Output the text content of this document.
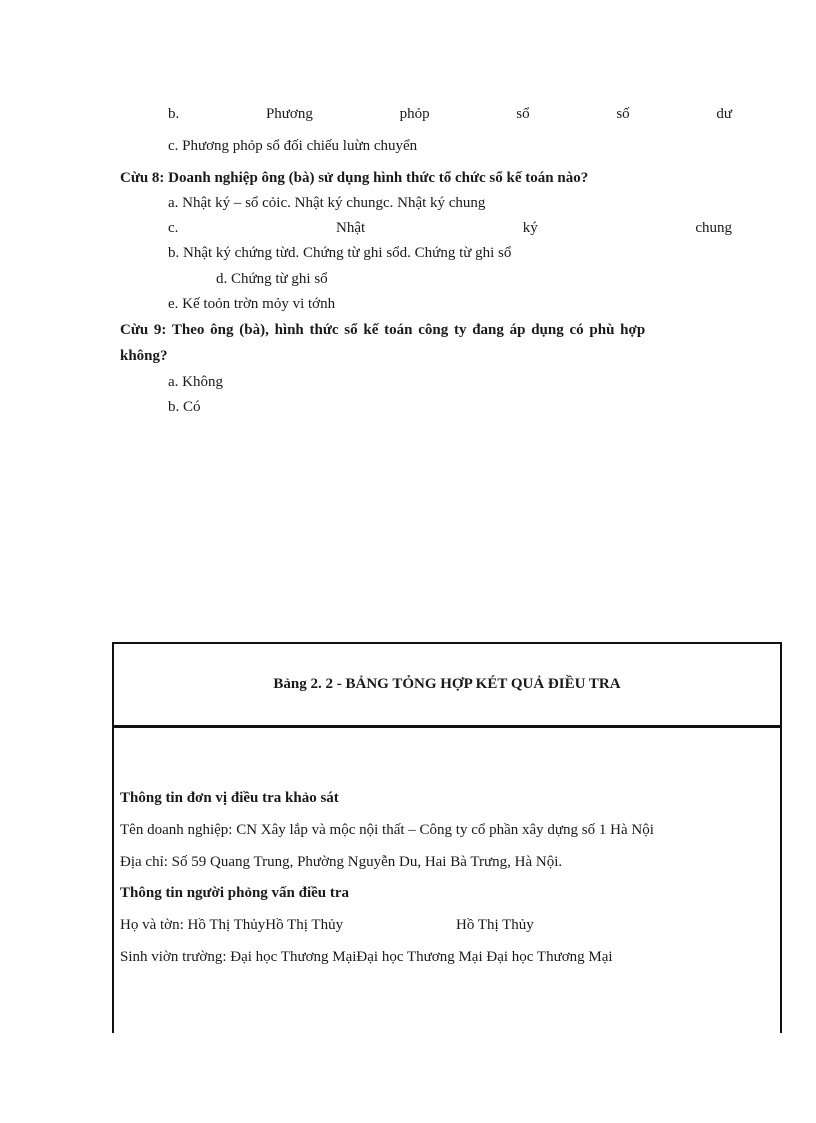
b.	Phương	phỏp	sổ	số	dư
c. Phương phỏp sổ đối chiếu luừn chuyển
Cừu 8: Doanh nghiệp ông (bà) sử dụng hình thức tổ chức sổ kế toán nào?
a. Nhật ký – sổ cỏic. Nhật ký chungc. Nhật ký chung
c.	Nhật	ký	chung
b. Nhật ký chứng từd. Chứng từ ghi sổd. Chứng từ ghi sổ
d. Chứng từ ghi sổ
e. Kế toỏn trờn mỏy vi tớnh
Cừu 9: Theo ông (bà), hình thức sổ kế toán công ty đang áp dụng có phù hợp
không?
a. Không
b. Có
Bảng 2. 2 - BẢNG TỎNG HỢP KÉT QUẢ ĐIỀU TRA
Thông tin đơn vị điều tra khảo sát
Tên doanh nghiệp: CN Xây lắp và mộc nội thất – Công ty cổ phần xây dựng số 1 Hà Nội
Địa chỉ: Số 59 Quang Trung, Phường Nguyễn Du, Hai Bà Trưng, Hà Nội.
Thông tin người phỏng vấn điều tra
Họ và tờn: Hồ Thị ThủyHồ Thị Thủy	Hồ Thị Thủy
Sinh viờn trường: Đại học Thương MạiĐại học Thương Mại Đại học Thương Mại
